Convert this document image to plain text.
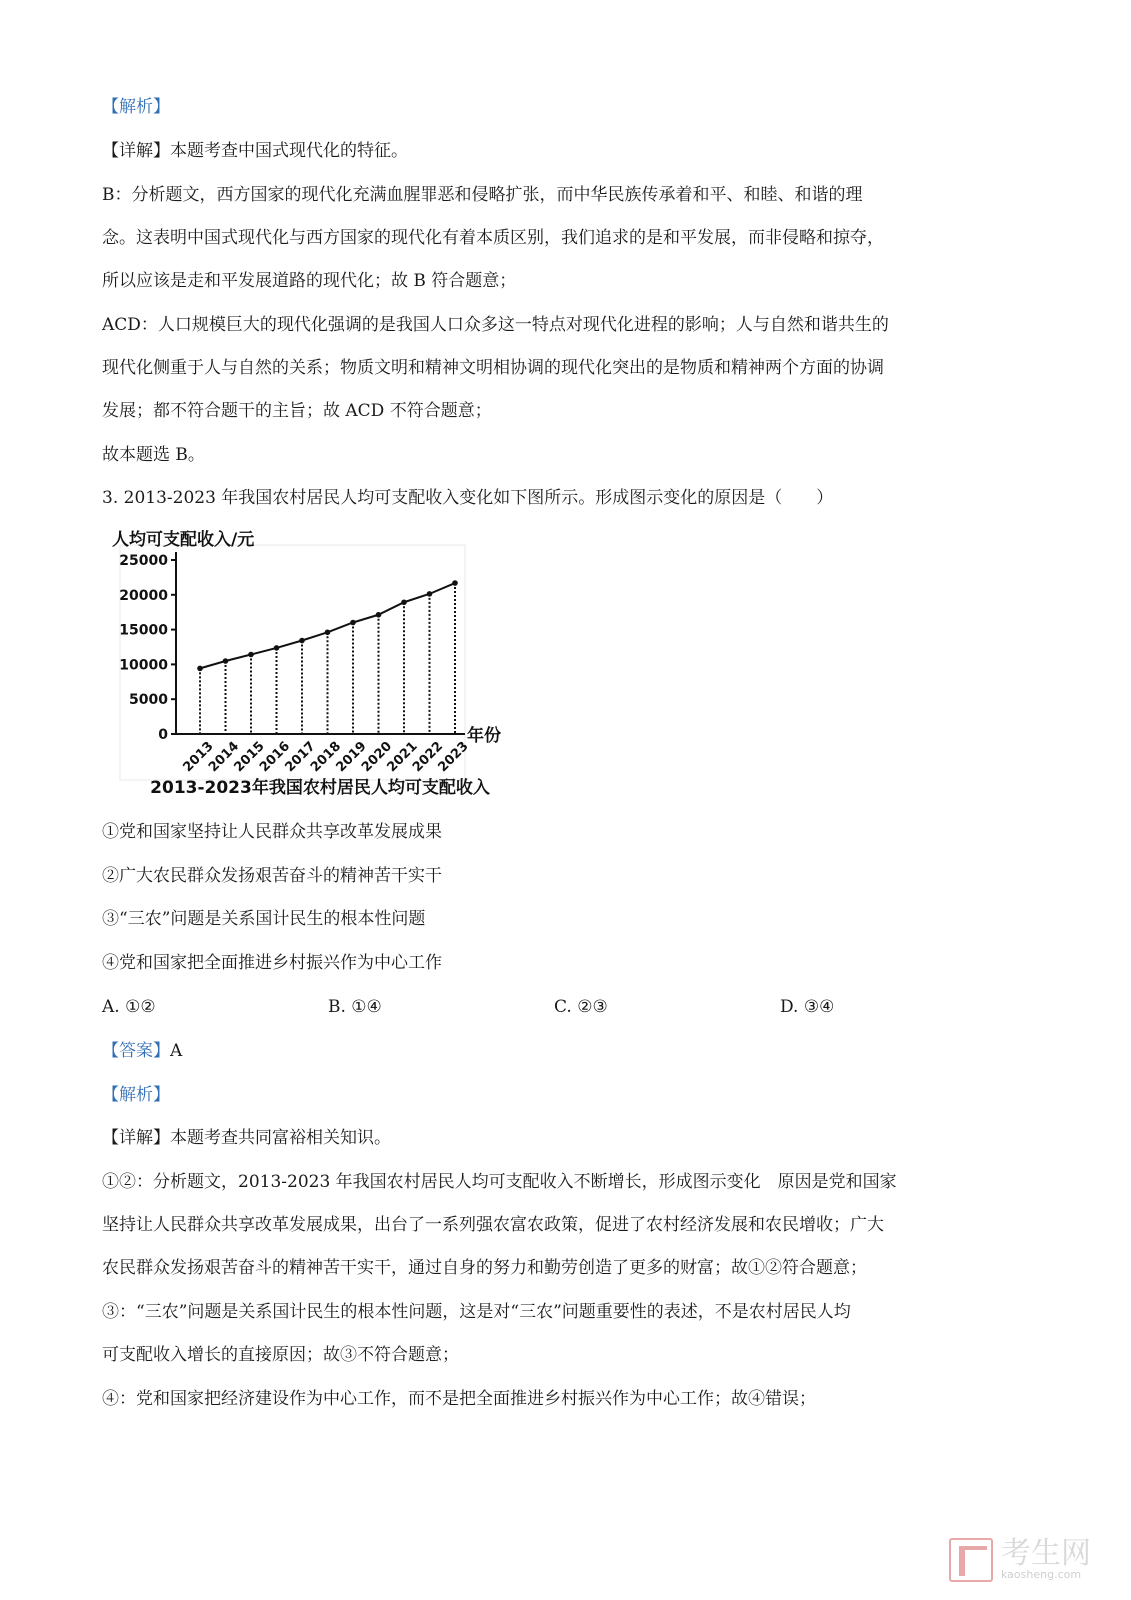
【解析】
【详解】本题考查中国式现代化的特征。
B：分析题文，西方国家的现代化充满血腥罪恶和侵略扩张，而中华民族传承着和平、和睦、和谐的理
念。这表明中国式现代化与西方国家的现代化有着本质区别，我们追求的是和平发展，而非侵略和掠夺，
所以应该是走和平发展道路的现代化；故 B 符合题意；
ACD：人口规模巨大的现代化强调的是我国人口众多这一特点对现代化进程的影响；人与自然和谐共生的
现代化侧重于人与自然的关系；物质文明和精神文明相协调的现代化突出的是物质和精神两个方面的协调
发展；都不符合题干的主旨；故 ACD 不符合题意；
故本题选 B。
3. 2013-2023 年我国农村居民人均可支配收入变化如下图所示。形成图示变化的原因是（　　）
人均可支配收入/元
0
5000
10000
15000
20000
25000
2013
2014
2015
2016
2017
2018
2019
2020
2021
2022
2023
年份
2013-2023年我国农村居民人均可支配收入
①党和国家坚持让人民群众共享改革发展成果
②广大农民群众发扬艰苦奋斗的精神苦干实干
③“三农”问题是关系国计民生的根本性问题
④党和国家把全面推进乡村振兴作为中心工作
A. ①②	B. ①④	C. ②③	D. ③④
【答案】A
【解析】
【详解】本题考查共同富裕相关知识。
①②：分析题文，2013-2023 年我国农村居民人均可支配收入不断增长，形成图示变化　原因是党和国家
坚持让人民群众共享改革发展成果，出台了一系列强农富农政策，促进了农村经济发展和农民增收；广大
农民群众发扬艰苦奋斗的精神苦干实干，通过自身的努力和勤劳创造了更多的财富；故①②符合题意；
③：“三农”问题是关系国计民生的根本性问题，这是对“三农”问题重要性的表述，不是农村居民人均
可支配收入增长的直接原因；故③不符合题意；
④：党和国家把经济建设作为中心工作，而不是把全面推进乡村振兴作为中心工作；故④错误；
考生网
kaosheng.com
